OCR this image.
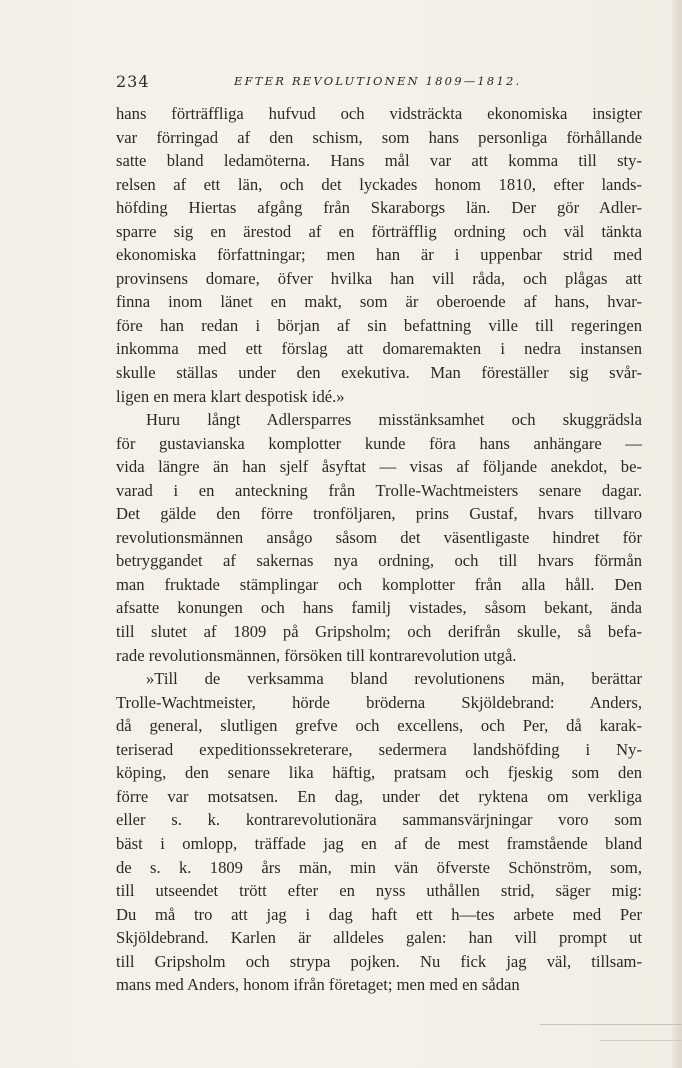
234	EFTER REVOLUTIONEN 1809—1812.
hans förträffliga hufvud och vidsträckta ekonomiska insigter
var förringad af den schism, som hans personliga förhållande
satte bland ledamöterna. Hans mål var att komma till sty-
relsen af ett län, och det lyckades honom 1810, efter lands-
höfding Hiertas afgång från Skaraborgs län. Der gör Adler-
sparre sig en ärestod af en förträfflig ordning och väl tänkta
ekonomiska författningar; men han är i uppenbar strid med
provinsens domare, öfver hvilka han vill råda, och plågas att
finna inom länet en makt, som är oberoende af hans, hvar-
före han redan i början af sin befattning ville till regeringen
inkomma med ett förslag att domaremakten i nedra instansen
skulle ställas under den exekutiva. Man föreställer sig svår-
ligen en mera klart despotisk idé.»
Huru långt Adlersparres misstänksamhet och skuggrädsla
för gustavianska komplotter kunde föra hans anhängare —
vida längre än han sjelf åsyftat — visas af följande anekdot, be-
varad i en anteckning från Trolle-Wachtmeisters senare dagar.
Det gälde den förre tronföljaren, prins Gustaf, hvars tillvaro
revolutionsmännen ansågo såsom det väsentligaste hindret för
betryggandet af sakernas nya ordning, och till hvars förmån
man fruktade stämplingar och komplotter från alla håll. Den
afsatte konungen och hans familj vistades, såsom bekant, ända
till slutet af 1809 på Gripsholm; och derifrån skulle, så befa-
rade revolutionsmännen, försöken till kontrarevolution utgå.
»Till de verksamma bland revolutionens män, berättar
Trolle-Wachtmeister, hörde bröderna Skjöldebrand: Anders,
då general, slutligen grefve och excellens, och Per, då karak-
teriserad expeditionssekreterare, sedermera landshöfding i Ny-
köping, den senare lika häftig, pratsam och fjeskig som den
förre var motsatsen. En dag, under det ryktena om verkliga
eller s. k. kontrarevolutionära sammansvärjningar voro som
bäst i omlopp, träffade jag en af de mest framstående bland
de s. k. 1809 års män, min vän öfverste Schönström, som,
till utseendet trött efter en nyss uthållen strid, säger mig:
Du må tro att jag i dag haft ett h—tes arbete med Per
Skjöldebrand. Karlen är alldeles galen: han vill prompt ut
till Gripsholm och strypa pojken. Nu fick jag väl, tillsam-
mans med Anders, honom ifrån företaget; men med en sådan
